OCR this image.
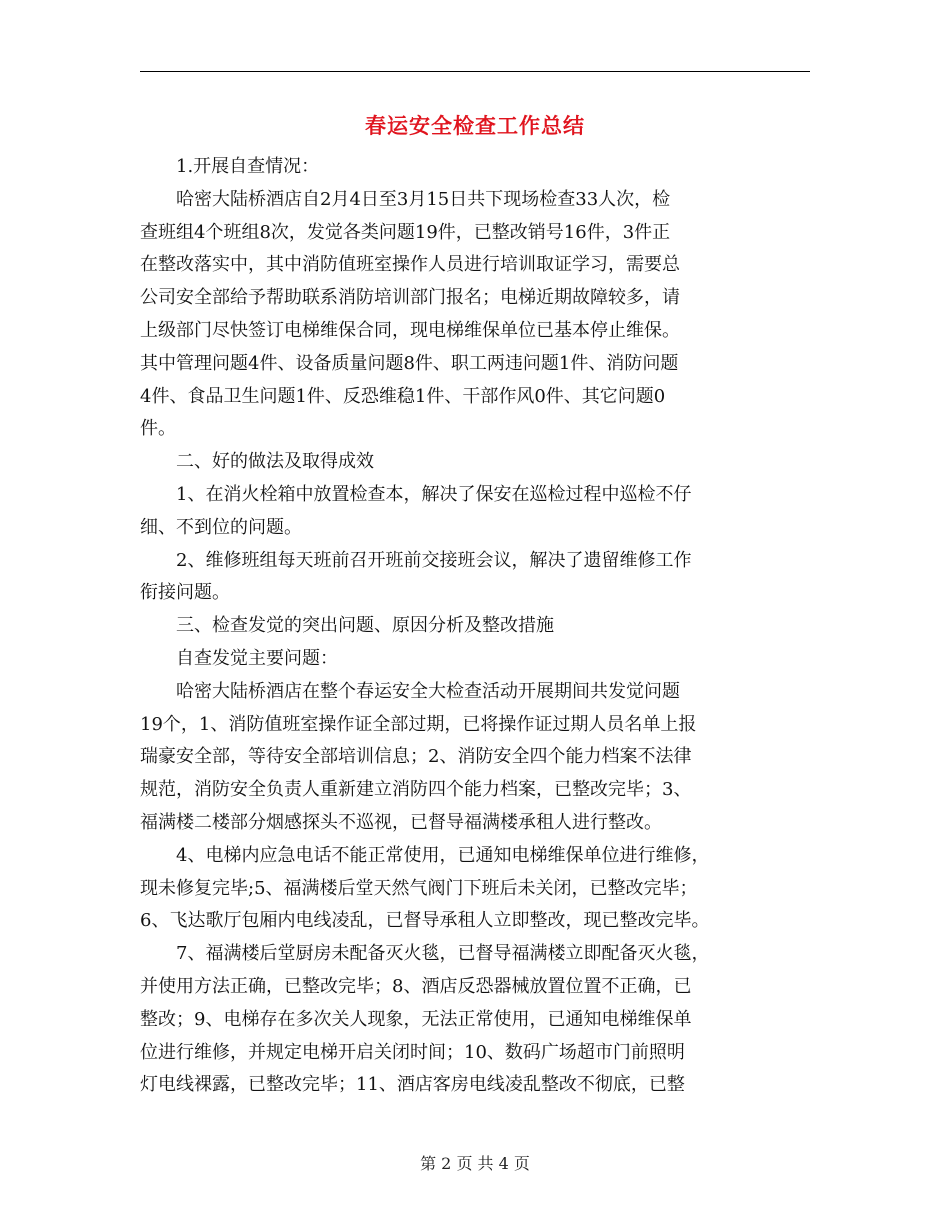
春运安全检查工作总结

1.开展自查情况：

哈密大陆桥酒店自2月4日至3月15日共下现场检查33人次，检
查班组4个班组8次，发觉各类问题19件，已整改销号16件，3件正
在整改落实中，其中消防值班室操作人员进行培训取证学习，需要总
公司安全部给予帮助联系消防培训部门报名；电梯近期故障较多，请
上级部门尽快签订电梯维保合同，现电梯维保单位已基本停止维保。
其中管理问题4件、设备质量问题8件、职工两违问题1件、消防问题
4件、食品卫生问题1件、反恐维稳1件、干部作风0件、其它问题0
件。

二、好的做法及取得成效

1、在消火栓箱中放置检查本，解决了保安在巡检过程中巡检不仔
细、不到位的问题。

2、维修班组每天班前召开班前交接班会议，解决了遗留维修工作
衔接问题。

三、检查发觉的突出问题、原因分析及整改措施

自查发觉主要问题：

哈密大陆桥酒店在整个春运安全大检查活动开展期间共发觉问题
19个，1、消防值班室操作证全部过期，已将操作证过期人员名单上报
瑞豪安全部，等待安全部培训信息；2、消防安全四个能力档案不法律
规范，消防安全负责人重新建立消防四个能力档案，已整改完毕；3、
福满楼二楼部分烟感探头不巡视，已督导福满楼承租人进行整改。

4、电梯内应急电话不能正常使用，已通知电梯维保单位进行维修，
现未修复完毕;5、福满楼后堂天然气阀门下班后未关闭，已整改完毕；
6、飞达歌厅包厢内电线凌乱，已督导承租人立即整改，现已整改完毕。

7、福满楼后堂厨房未配备灭火毯，已督导福满楼立即配备灭火毯，
并使用方法正确，已整改完毕；8、酒店反恐器械放置位置不正确，已
整改；9、电梯存在多次关人现象，无法正常使用，已通知电梯维保单
位进行维修，并规定电梯开启关闭时间；10、数码广场超市门前照明
灯电线裸露，已整改完毕；11、酒店客房电线凌乱整改不彻底，已整

第 2 页 共 4 页
